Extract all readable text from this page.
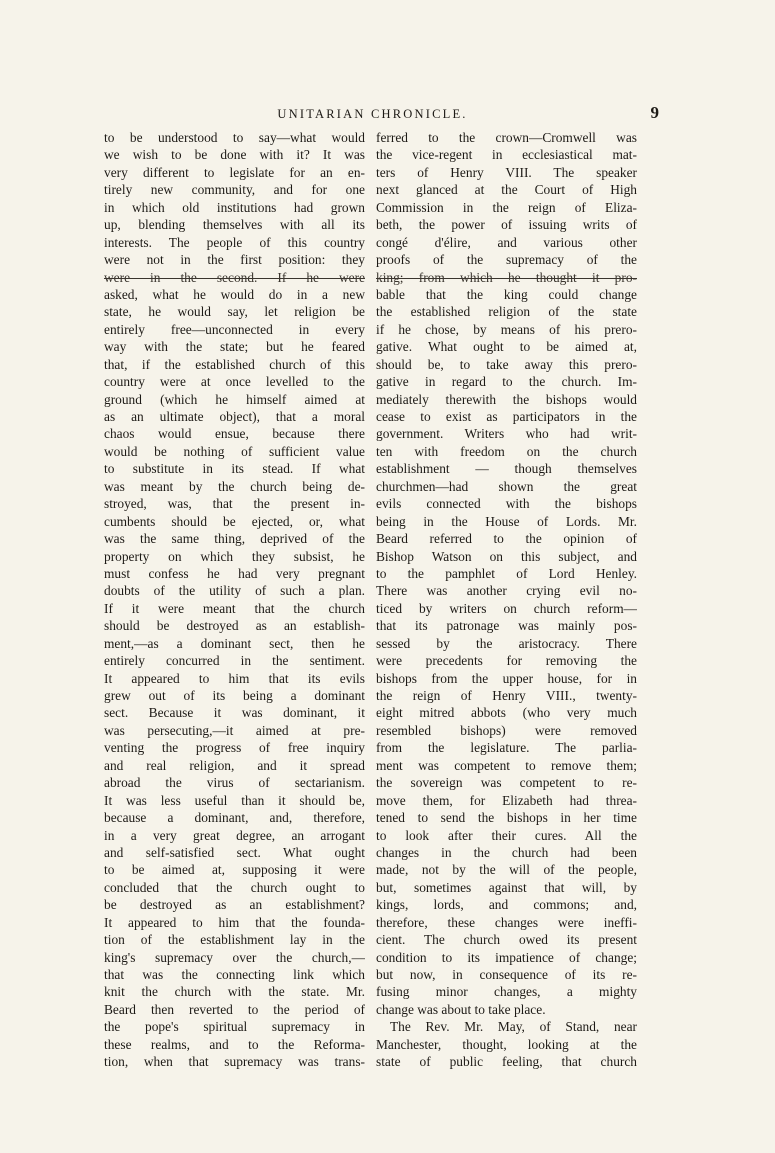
UNITARIAN CHRONICLE.	9
to be understood to say—what would
we wish to be done with it? It was
very different to legislate for an en-
tirely new community, and for one
in which old institutions had grown
up, blending themselves with all its
interests. The people of this country
were not in the first position: they
were in the second. If he were
asked, what he would do in a new
state, he would say, let religion be
entirely free—unconnected in every
way with the state; but he feared
that, if the established church of this
country were at once levelled to the
ground (which he himself aimed at
as an ultimate object), that a moral
chaos would ensue, because there
would be nothing of sufficient value
to substitute in its stead. If what
was meant by the church being de-
stroyed, was, that the present in-
cumbents should be ejected, or, what
was the same thing, deprived of the
property on which they subsist, he
must confess he had very pregnant
doubts of the utility of such a plan.
If it were meant that the church
should be destroyed as an establish-
ment,—as a dominant sect, then he
entirely concurred in the sentiment.
It appeared to him that its evils
grew out of its being a dominant
sect. Because it was dominant, it
was persecuting,—it aimed at pre-
venting the progress of free inquiry
and real religion, and it spread
abroad the virus of sectarianism.
It was less useful than it should be,
because a dominant, and, therefore,
in a very great degree, an arrogant
and self-satisfied sect. What ought
to be aimed at, supposing it were
concluded that the church ought to
be destroyed as an establishment?
It appeared to him that the founda-
tion of the establishment lay in the
king's supremacy over the church,—
that was the connecting link which
knit the church with the state. Mr.
Beard then reverted to the period of
the pope's spiritual supremacy in
these realms, and to the Reforma-
tion, when that supremacy was trans-
ferred to the crown—Cromwell was
the vice-regent in ecclesiastical mat-
ters of Henry VIII. The speaker
next glanced at the Court of High
Commission in the reign of Eliza-
beth, the power of issuing writs of
congé d'élire, and various other
proofs of the supremacy of the
king; from which he thought it pro-
bable that the king could change
the established religion of the state
if he chose, by means of his prero-
gative. What ought to be aimed at,
should be, to take away this prero-
gative in regard to the church. Im-
mediately therewith the bishops would
cease to exist as participators in the
government. Writers who had writ-
ten with freedom on the church
establishment — though themselves
churchmen—had shown the great
evils connected with the bishops
being in the House of Lords. Mr.
Beard referred to the opinion of
Bishop Watson on this subject, and
to the pamphlet of Lord Henley.
There was another crying evil no-
ticed by writers on church reform—
that its patronage was mainly pos-
sessed by the aristocracy. There
were precedents for removing the
bishops from the upper house, for in
the reign of Henry VIII., twenty-
eight mitred abbots (who very much
resembled bishops) were removed
from the legislature. The parlia-
ment was competent to remove them;
the sovereign was competent to re-
move them, for Elizabeth had threa-
tened to send the bishops in her time
to look after their cures. All the
changes in the church had been
made, not by the will of the people,
but, sometimes against that will, by
kings, lords, and commons; and,
therefore, these changes were ineffi-
cient. The church owed its present
condition to its impatience of change;
but now, in consequence of its re-
fusing minor changes, a mighty
change was about to take place.
The Rev. Mr. May, of Stand, near
Manchester, thought, looking at the
state of public feeling, that church
